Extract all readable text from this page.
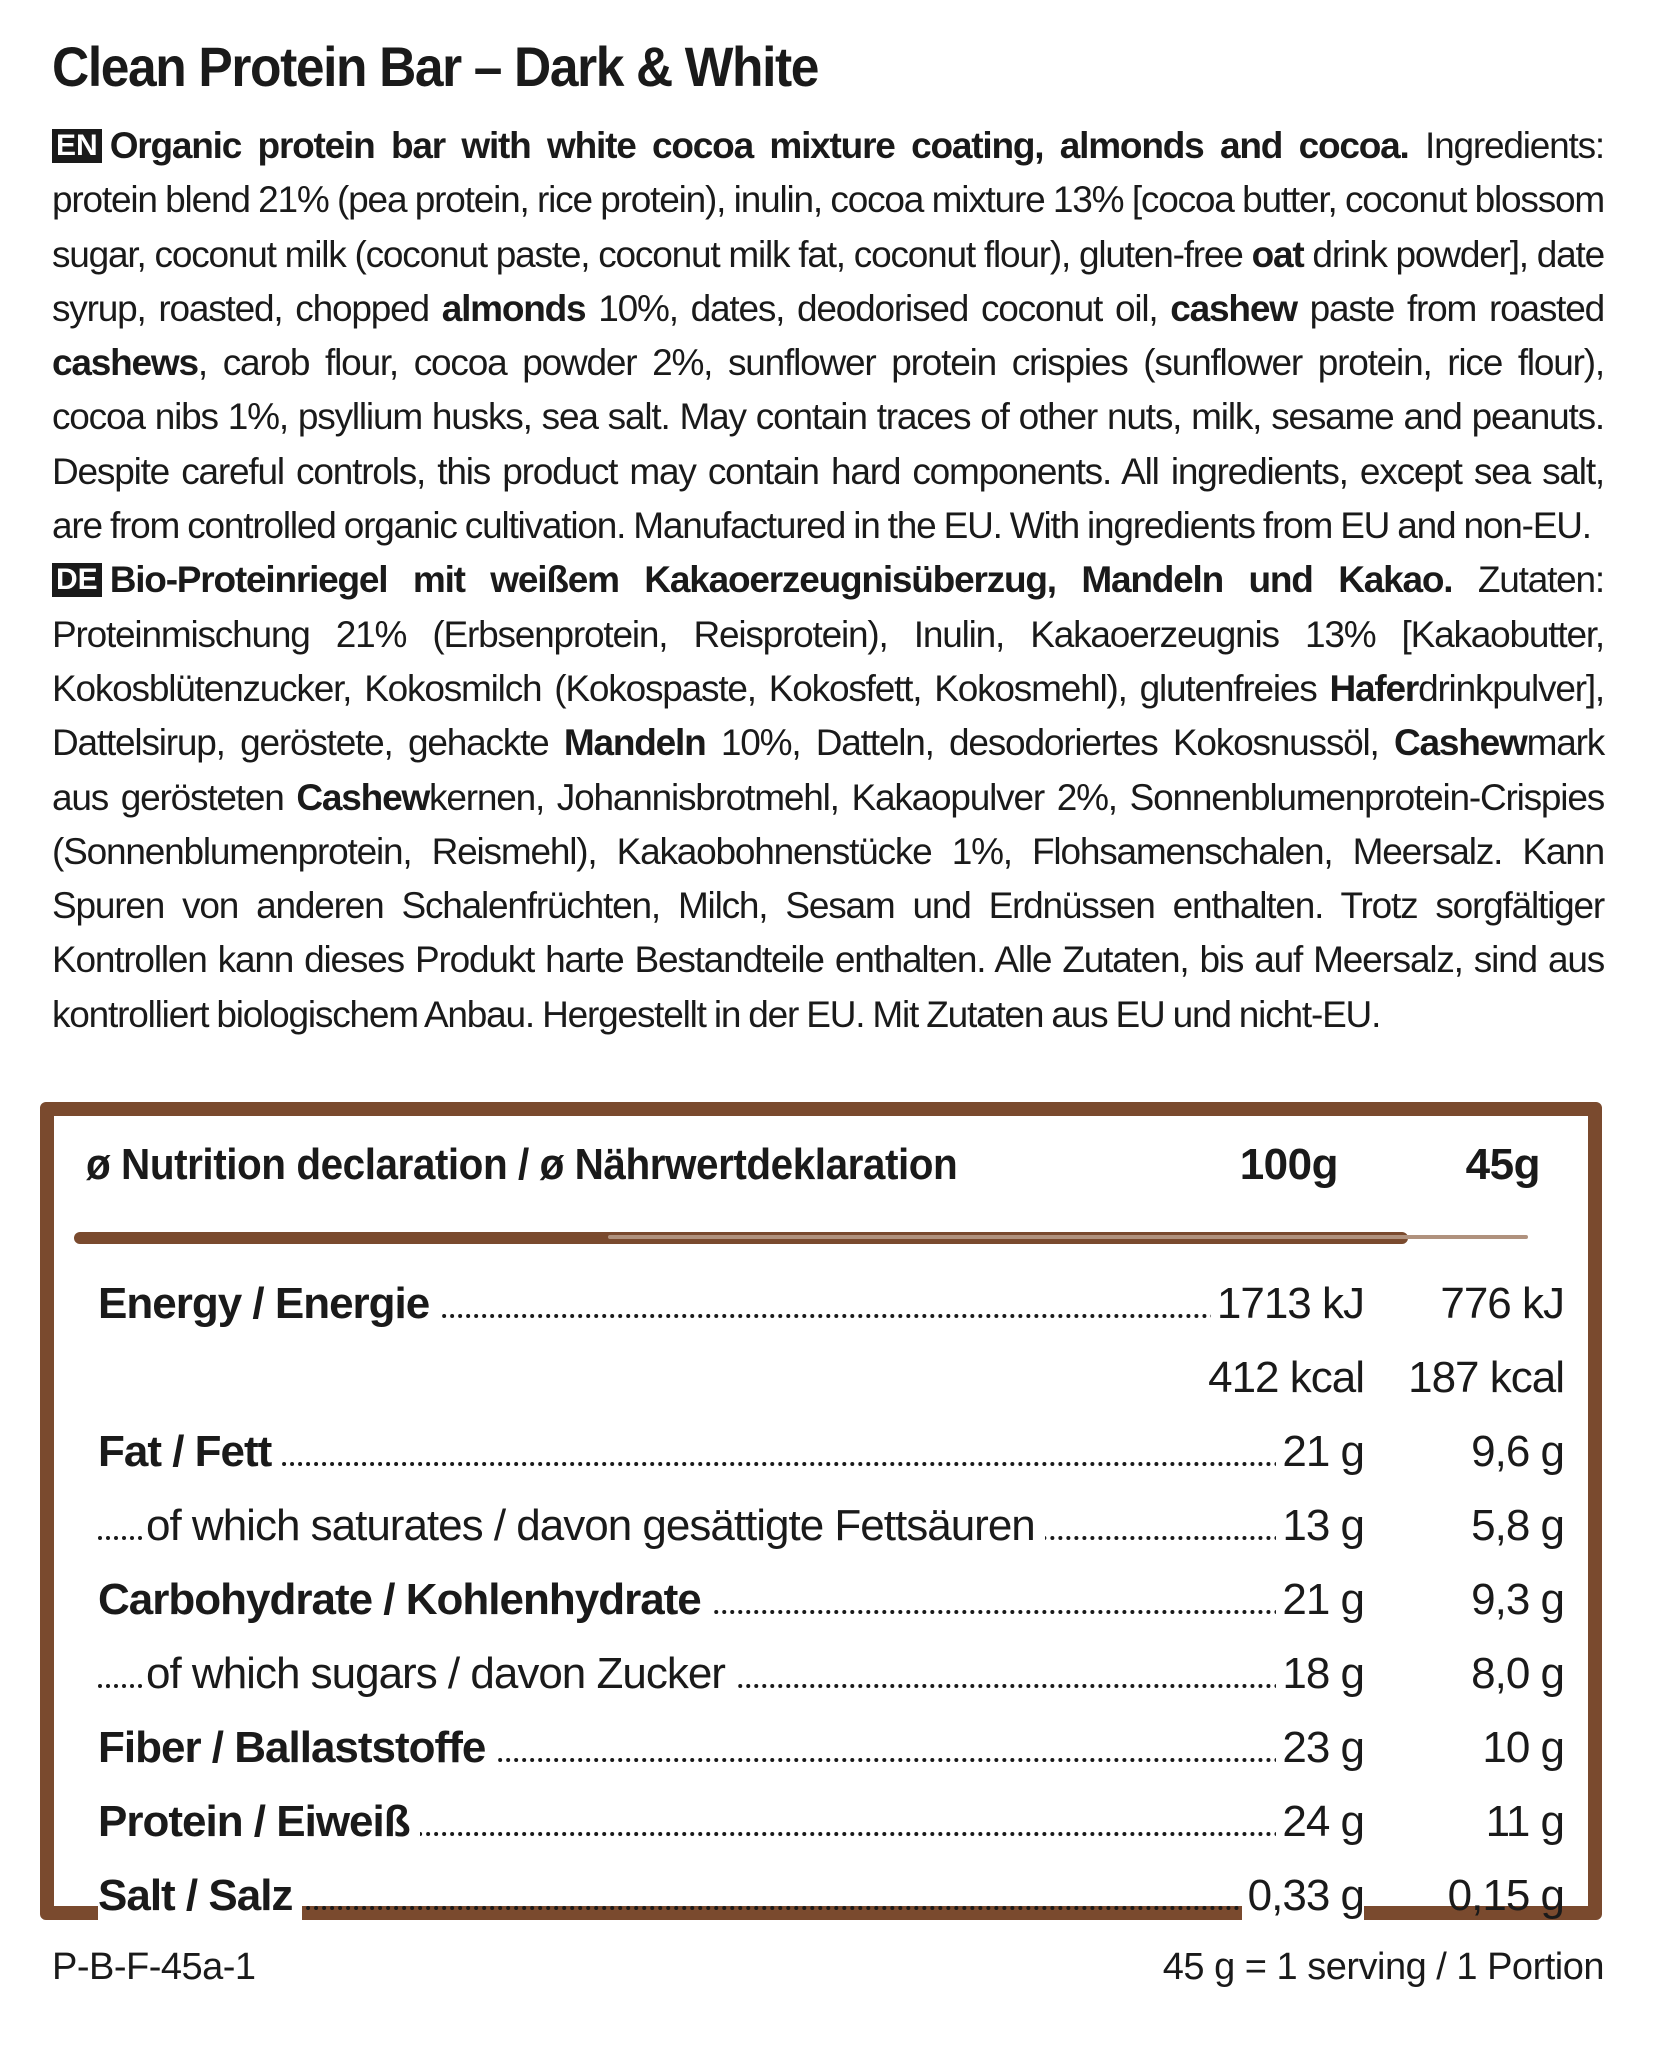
Clean Protein Bar – Dark & White

EN Organic protein bar with white cocoa mixture coating, almonds and cocoa. Ingredients: protein blend 21% (pea protein, rice protein), inulin, cocoa mixture 13% [cocoa butter, coconut blossom sugar, coconut milk (coconut paste, coconut milk fat, coconut flour), gluten-free oat drink powder], date syrup, roasted, chopped almonds 10%, dates, deodorised coconut oil, cashew paste from roasted cashews, carob flour, cocoa powder 2%, sunflower protein crispies (sunflower protein, rice flour), cocoa nibs 1%, psyllium husks, sea salt. May contain traces of other nuts, milk, sesame and peanuts. Despite careful controls, this product may contain hard components. All ingredients, except sea salt, are from controlled organic cultivation. Manufactured in the EU. With ingredients from EU and non-EU.

DE Bio-Proteinriegel mit weißem Kakaoerzeugnisüberzug, Mandeln und Kakao. Zutaten: Proteinmischung 21% (Erbsenprotein, Reisprotein), Inulin, Kakaoerzeugnis 13% [Kakaobutter, Kokosblütenzucker, Kokosmilch (Kokospaste, Kokosfett, Kokosmehl), glutenfreies Haferdrinkpulver], Dattelsirup, geröstete, gehackte Mandeln 10%, Datteln, desodoriertes Kokosnussöl, Cashewmark aus gerösteten Cashewkernen, Johannisbrotmehl, Kakaopulver 2%, Sonnenblumenprotein-Crispies (Sonnenblumenprotein, Reismehl), Kakaobohnenstücke 1%, Flohsamenschalen, Meersalz. Kann Spuren von anderen Schalenfrüchten, Milch, Sesam und Erdnüssen enthalten. Trotz sorgfältiger Kontrollen kann dieses Produkt harte Bestandteile enthalten. Alle Zutaten, bis auf Meersalz, sind aus kontrolliert biologischem Anbau. Hergestellt in der EU. Mit Zutaten aus EU und nicht-EU.

ø Nutrition declaration / ø Nährwertdeklaration	100g	45g
Energy / Energie	1713 kJ 776 kJ
412 kcal 187 kcal
Fat / Fett	21 g 9,6 g
of which saturates / davon gesättigte Fettsäuren	13 g 5,8 g
Carbohydrate / Kohlenhydrate	21 g 9,3 g
of which sugars / davon Zucker	18 g 8,0 g
Fiber / Ballaststoffe	23 g	10 g
Protein / Eiweiß	24 g	11 g
Salt / Salz	0,33 g 0,15 g
P-B-F-45a-1	45 g = 1 serving / 1 Portion
